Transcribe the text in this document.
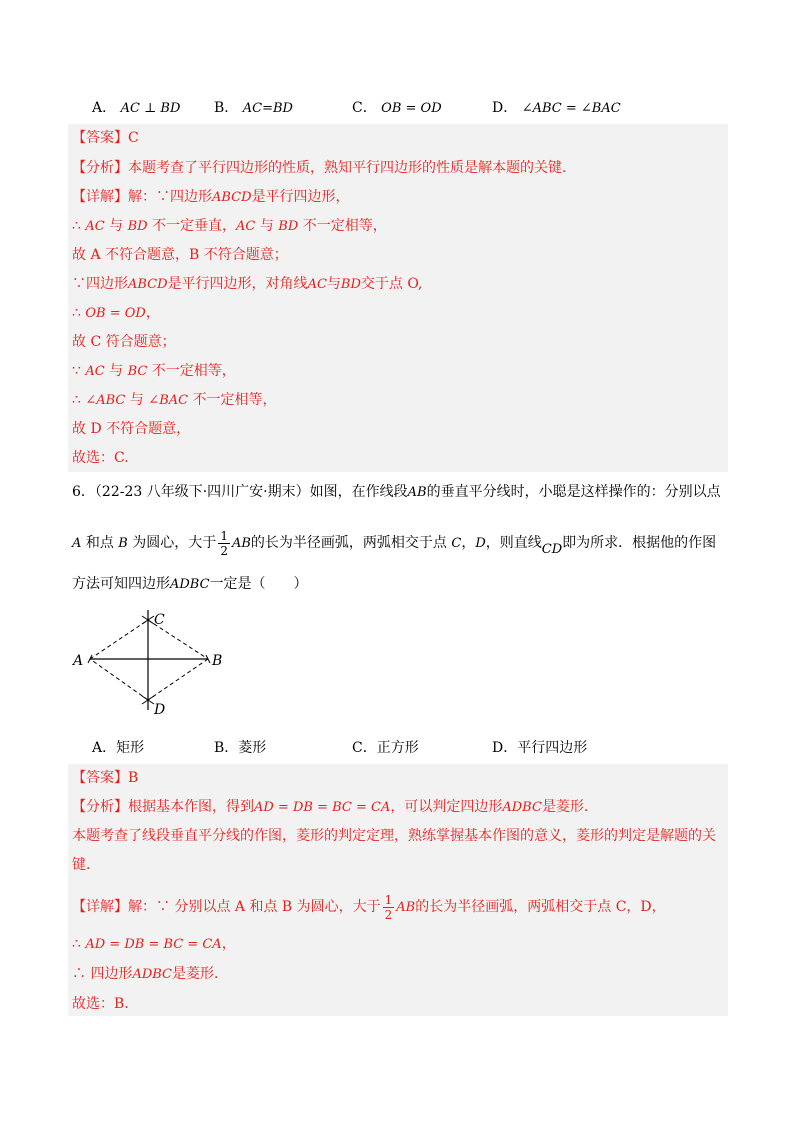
A． AC ⊥ BD B． AC=BD	C． OB = OD	D． ∠ABC = ∠BAC
【答案】C
【分析】本题考查了平行四边形的性质，熟知平行四边形的性质是解本题的关键.
【详解】解：∵四边形ABCD是平行四边形，
∴ AC 与 BD 不一定垂直，AC 与 BD 不一定相等，
故 A 不符合题意，B 不符合题意；
∵四边形ABCD是平行四边形，对角线AC与BD交于点 O,
∴ OB = OD，
故 C 符合题意；
∵ AC 与 BC 不一定相等，
∴ ∠ABC 与 ∠BAC 不一定相等，
故 D 不符合题意，
故选：C.
6．（22-23 八年级下·四川广安·期末）如图，在作线段AB的垂直平分线时，小聪是这样操作的：分别以点
A 和点 B 为圆心，大于 $\frac{1}{2}$ AB的长为半径画弧，两弧相交于点 C，D，则直线CD即为所求．根据他的作图
方法可知四边形ADBC一定是（　　）
A	B
C
D
A．矩形	B．菱形	C．正方形	D．平行四边形
【答案】B
【分析】根据基本作图，得到AD = DB = BC = CA，可以判定四边形ADBC是菱形.
本题考查了线段垂直平分线的作图，菱形的判定定理，熟练掌握基本作图的意义，菱形的判定是解题的关
键.
【详解】解：∵ 分别以点 A 和点 B 为圆心，大于 $\frac{1}{2}$ AB的长为半径画弧，两弧相交于点 C，D，
∴ AD = DB = BC = CA，
∴ 四边形ADBC是菱形.
故选：B.
